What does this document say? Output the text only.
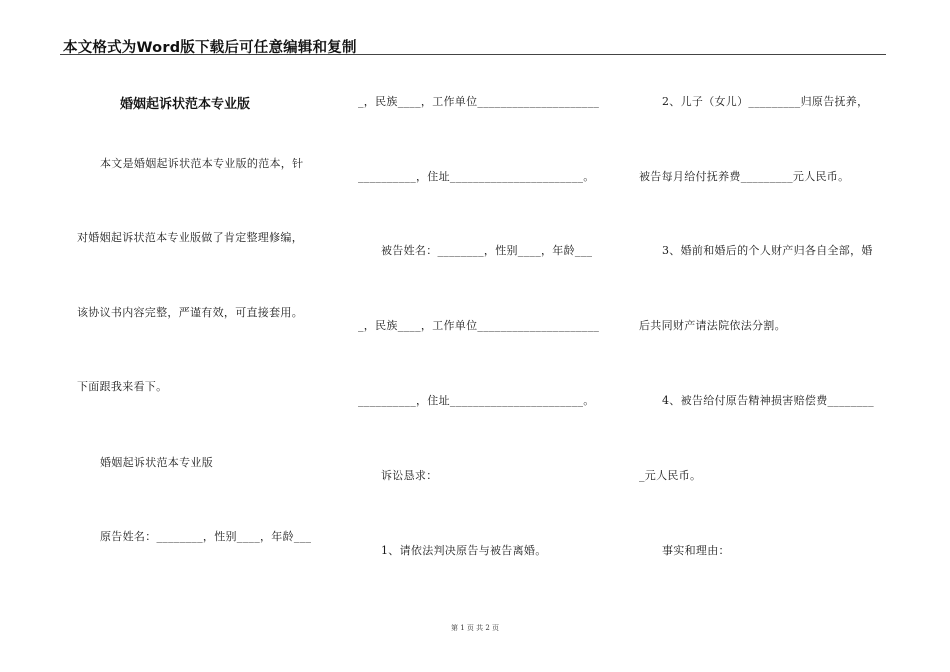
本文格式为Word版下载后可任意编辑和复制
婚姻起诉状范本专业版
本文是婚姻起诉状范本专业版的范本，针
对婚姻起诉状范本专业版做了肯定整理修编，
该协议书内容完整，严谨有效，可直接套用。
下面跟我来看下。
婚姻起诉状范本专业版
原告姓名：________，性别____，年龄___
_，民族____，工作单位_____________________
__________，住址_______________________。
被告姓名：________，性别____，年龄___
_，民族____，工作单位_____________________
__________，住址_______________________。
诉讼恳求：
1、请依法判决原告与被告离婚。
2、儿子（女儿）_________归原告抚养，
被告每月给付抚养费_________元人民币。
3、婚前和婚后的个人财产归各自全部，婚
后共同财产请法院依法分割。
4、被告给付原告精神损害赔偿费________
_元人民币。
事实和理由：
第 1 页 共 2 页
